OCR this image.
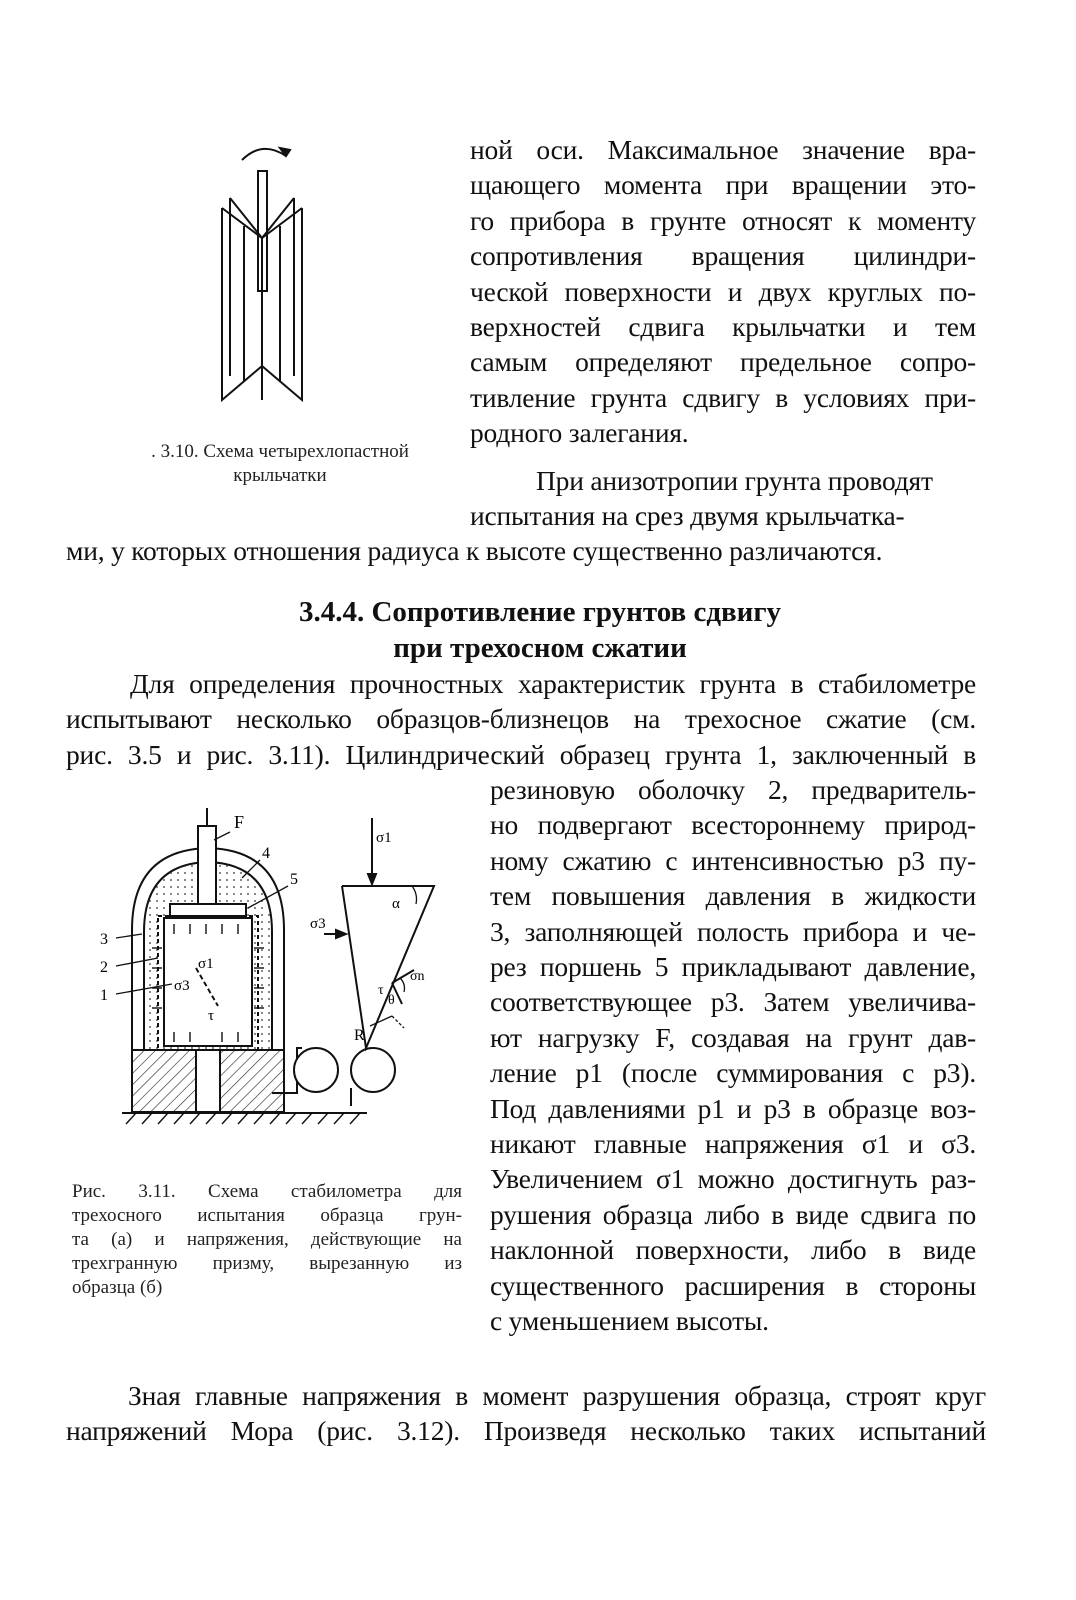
. 3.10. Схема четырехлопастной
крыльчатки
ной оси. Максимальное значение вра-
щающего момента при вращении это-
го прибора в грунте относят к моменту
сопротивления вращения цилиндри-
ческой поверхности и двух круглых по-
верхностей сдвига крыльчатки и тем
самым определяют предельное сопро-
тивление грунта сдвигу в условиях при-
родного залегания.
При анизотропии грунта проводят
испытания на срез двумя крыльчатка-
ми, у которых отношения радиуса к высоте существенно различаются.
3.4.4. Сопротивление грунтов сдвигу
при трехосном сжатии
Для определения прочностных характеристик грунта в стабилометре
испытывают несколько образцов-близнецов на трехосное сжатие (см.
рис. 3.5 и рис. 3.11). Цилиндрический образец грунта 1, заключенный в
резиновую оболочку 2, предваритель-
но подвергают всестороннему природ-
ному сжатию с интенсивностью p3 пу-
тем повышения давления в жидкости
3, заполняющей полость прибора и че-
рез поршень 5 прикладывают давление,
соответствующее p3. Затем увеличива-
ют нагрузку F, создавая на грунт дав-
ление p1 (после суммирования с p3).
Под давлениями p1 и p3 в образце воз-
никают главные напряжения σ1 и σ3.
Увеличением σ1 можно достигнуть раз-
рушения образца либо в виде сдвига по
наклонной поверхности, либо в виде
существенного расширения в стороны
с уменьшением высоты.
F
4
5
3
2
1
σ1
σ3
τ
σ1
σ3
α
σn
θ
τ
R
Рис. 3.11. Схема стабилометра для
трехосного испытания образца грун-
та (a) и напряжения, действующие на
трехгранную призму, вырезанную из
образца (б)
Зная главные напряжения в момент разрушения образца, строят круг
напряжений Мора (рис. 3.12). Произведя несколько таких испытаний
